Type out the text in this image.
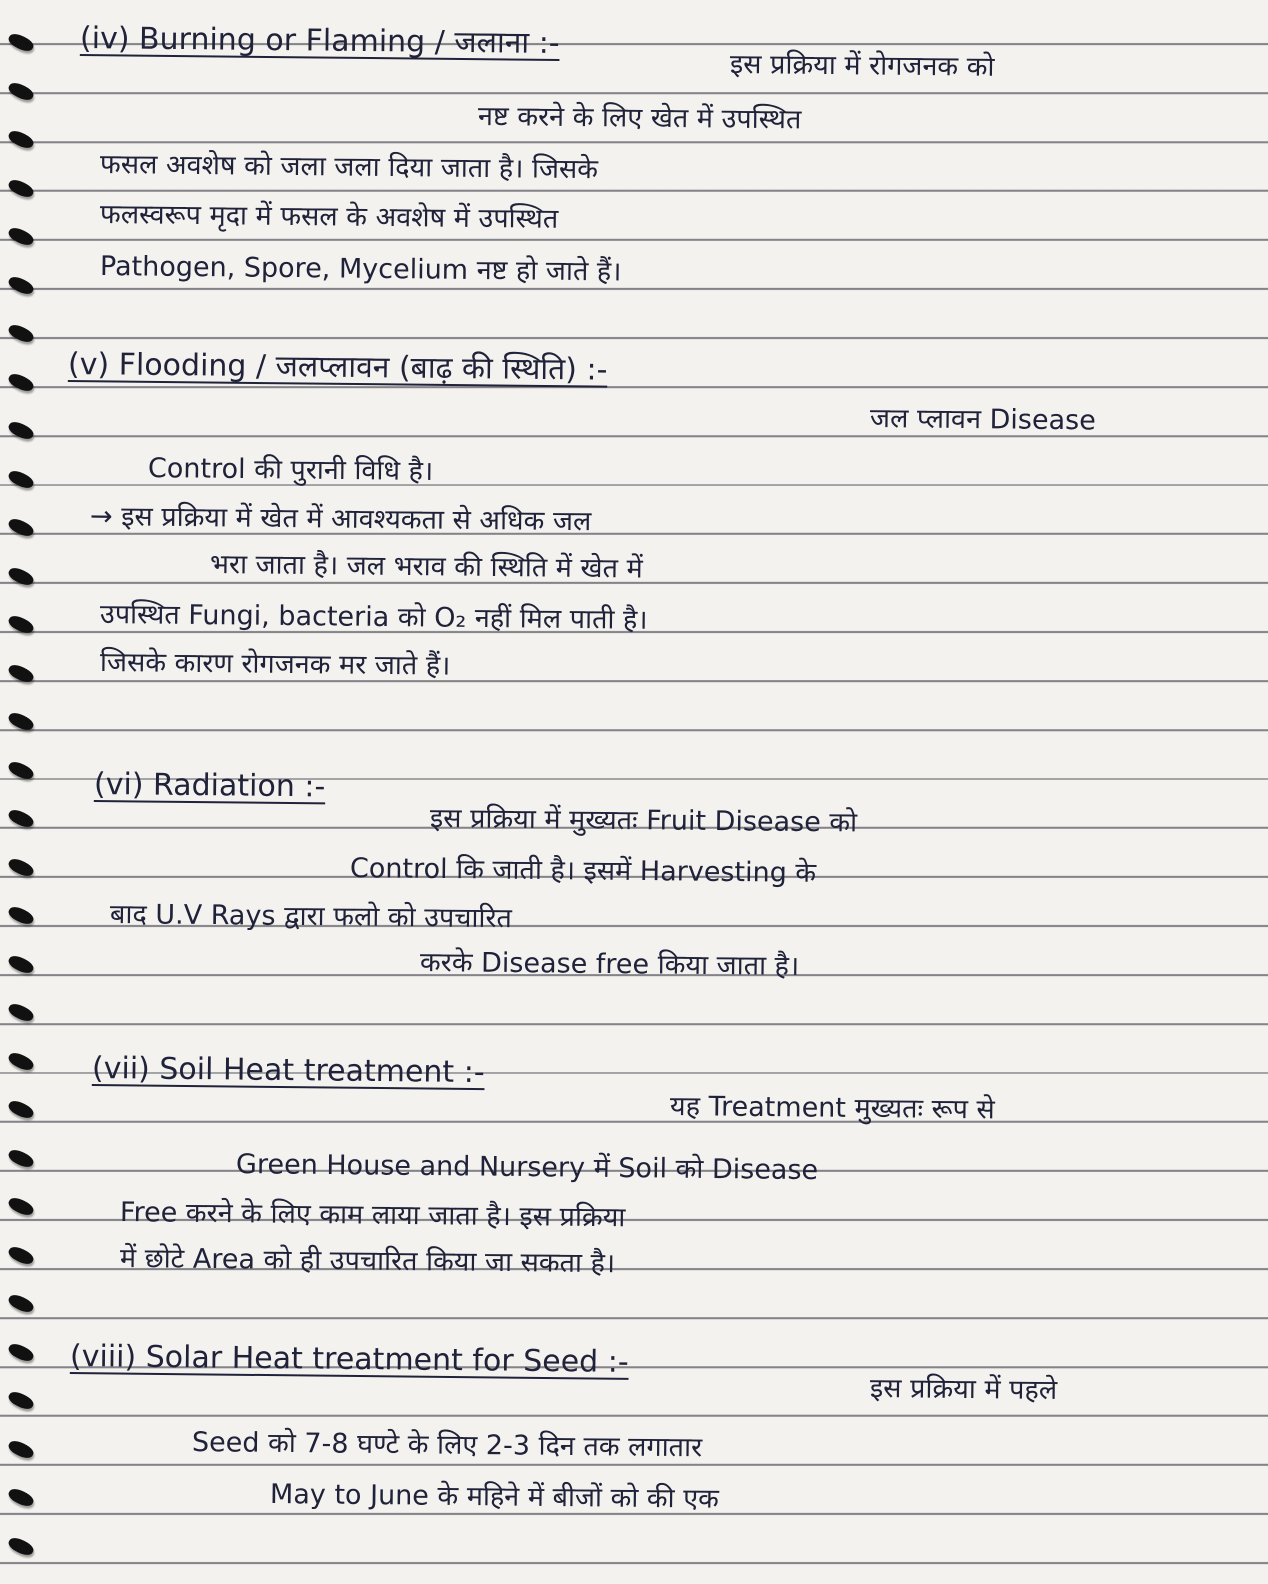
(iv) Burning or Flaming / जलाना :-
इस प्रक्रिया में रोगजनक को
नष्ट करने के लिए खेत में उपस्थित
फसल अवशेष को जला जला दिया जाता है। जिसके
फलस्वरूप मृदा में फसल के अवशेष में उपस्थित
Pathogen, Spore, Mycelium नष्ट हो जाते हैं।
(v) Flooding / जलप्लावन (बाढ़ की स्थिति) :-
जल प्लावन Disease
Control की पुरानी विधि है।
→ इस प्रक्रिया में खेत में आवश्यकता से अधिक जल
भरा जाता है। जल भराव की स्थिति में खेत में
उपस्थित Fungi, bacteria को O₂ नहीं मिल पाती है।
जिसके कारण रोगजनक मर जाते हैं।
(vi) Radiation :-
इस प्रक्रिया में मुख्यतः Fruit Disease को
Control कि जाती है। इसमें Harvesting के
बाद U.V Rays द्वारा फलो को उपचारित
करके Disease free किया जाता है।
(vii) Soil Heat treatment :-
यह Treatment मुख्यतः रूप से
Green House and Nursery में Soil को Disease
Free करने के लिए काम लाया जाता है। इस प्रक्रिया
में छोटे Area को ही उपचारित किया जा सकता है।
(viii) Solar Heat treatment for Seed :-
इस प्रक्रिया में पहले
Seed को 7-8 घण्टे के लिए 2-3 दिन तक लगातार
May to June के महिने में बीजों को की एक
